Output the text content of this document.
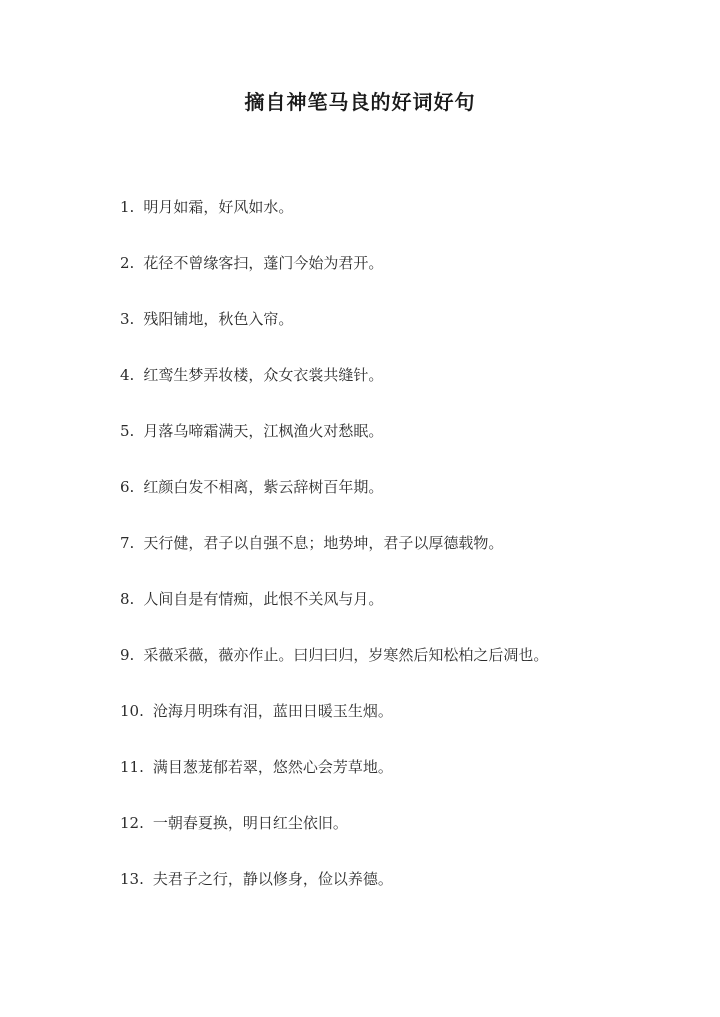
摘自神笔马良的好词好句
1. 明月如霜，好风如水。
2. 花径不曾缘客扫，蓬门今始为君开。
3. 残阳铺地，秋色入帘。
4. 红鸾生梦弄妆楼，众女衣裳共缝针。
5. 月落乌啼霜满天，江枫渔火对愁眠。
6. 红颜白发不相离，紫云辞树百年期。
7. 天行健，君子以自强不息；地势坤，君子以厚德载物。
8. 人间自是有情痴，此恨不关风与月。
9. 采薇采薇，薇亦作止。曰归曰归，岁寒然后知松柏之后凋也。
10. 沧海月明珠有泪，蓝田日暖玉生烟。
11. 满目葱茏郁若翠，悠然心会芳草地。
12. 一朝春夏换，明日红尘依旧。
13. 夫君子之行，静以修身，俭以养德。
